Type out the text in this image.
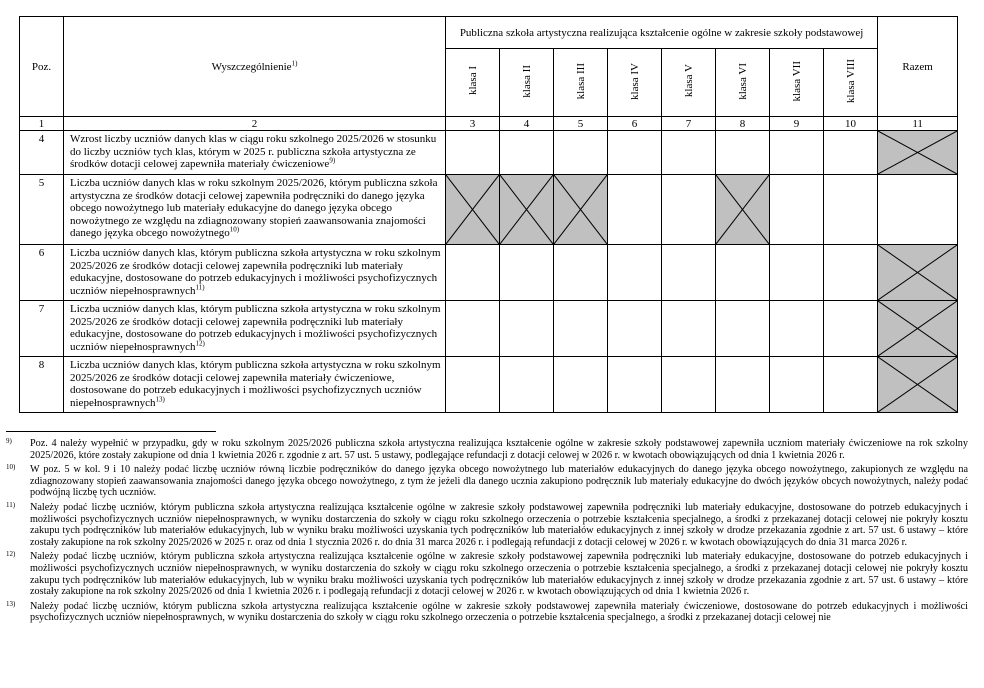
Poz.	Wyszczególnienie$^{1)}$	Publiczna szkoła artystyczna realizująca kształcenie ogólne w zakresie szkoły podstawowej								Razem
		klasa I	klasa II	klasa III	klasa IV	klasa V	klasa VI	klasa VII	klasa VIII	
1	2	3	4	5	6	7	8	9	10	11
4	Wzrost liczby uczniów danych klas w ciągu roku szkolnego 2025/2026 w stosunku do liczby uczniów tych klas, którym w 2025 r. publiczna szkoła artystyczna ze środków dotacji celowej zapewniła materiały ćwiczeniowe$^{9)}$									

5	Liczba uczniów danych klas w roku szkolnym 2025/2026, którym publiczna szkoła artystyczna ze środków dotacji celowej zapewniła podręczniki do danego języka obcego nowożytnego lub materiały edukacyjne do danego języka obcego nowożytnego ze względu na zdiagnozowany stopień zaawansowania znajomości danego języka obcego nowożytnego$^{10)}$	

6	Liczba uczniów danych klas, którym publiczna szkoła artystyczna w roku szkolnym 2025/2026 ze środków dotacji celowej zapewniła podręczniki lub materiały edukacyjne, dostosowane do potrzeb edukacyjnych i możliwości psychofizycznych uczniów niepełnosprawnych$^{11)}$									

7	Liczba uczniów danych klas, którym publiczna szkoła artystyczna w roku szkolnym 2025/2026 ze środków dotacji celowej zapewniła podręczniki lub materiały edukacyjne, dostosowane do potrzeb edukacyjnych i możliwości psychofizycznych uczniów niepełnosprawnych$^{12)}$									

8	Liczba uczniów danych klas, którym publiczna szkoła artystyczna w roku szkolnym 2025/2026 ze środków dotacji celowej zapewniła materiały ćwiczeniowe, dostosowane do potrzeb edukacyjnych i możliwości psychofizycznych uczniów niepełnosprawnych$^{13)}$									
9) Poz. 4 należy wypełnić w przypadku, gdy w roku szkolnym 2025/2026 publiczna szkoła artystyczna realizująca kształcenie ogólne w zakresie szkoły podstawowej zapewniła uczniom materiały ćwiczeniowe na rok szkolny 2025/2026, które zostały zakupione od dnia 1 kwietnia 2026 r. zgodnie z art. 57 ust. 5 ustawy, podlegające refundacji z dotacji celowej w 2026 r. w kwotach obowiązujących od dnia 1 kwietnia 2026 r.
10) W poz. 5 w kol. 9 i 10 należy podać liczbę uczniów równą liczbie podręczników do danego języka obcego nowożytnego lub materiałów edukacyjnych do danego języka obcego nowożytnego, zakupionych ze względu na zdiagnozowany stopień zaawansowania znajomości danego języka obcego nowożytnego, z tym że jeżeli dla danego ucznia zakupiono podręcznik lub materiały edukacyjne do dwóch języków obcych nowożytnych, należy podać podwójną liczbę tych uczniów.
11) Należy podać liczbę uczniów, którym publiczna szkoła artystyczna realizująca kształcenie ogólne w zakresie szkoły podstawowej zapewniła podręczniki lub materiały edukacyjne, dostosowane do potrzeb edukacyjnych i możliwości psychofizycznych uczniów niepełnosprawnych, w wyniku dostarczenia do szkoły w ciągu roku szkolnego orzeczenia o potrzebie kształcenia specjalnego, a środki z przekazanej dotacji celowej nie pokryły kosztu zakupu tych podręczników lub materiałów edukacyjnych, lub w wyniku braku możliwości uzyskania tych podręczników lub materiałów edukacyjnych z innej szkoły w drodze przekazania zgodnie z art. 57 ust. 6 ustawy – które zostały zakupione na rok szkolny 2025/2026 w 2025 r. oraz od dnia 1 stycznia 2026 r. do dnia 31 marca 2026 r. i podlegają refundacji z dotacji celowej w 2026 r. w kwotach obowiązujących do dnia 31 marca 2026 r.
12) Należy podać liczbę uczniów, którym publiczna szkoła artystyczna realizująca kształcenie ogólne w zakresie szkoły podstawowej zapewniła podręczniki lub materiały edukacyjne, dostosowane do potrzeb edukacyjnych i możliwości psychofizycznych uczniów niepełnosprawnych, w wyniku dostarczenia do szkoły w ciągu roku szkolnego orzeczenia o potrzebie kształcenia specjalnego, a środki z przekazanej dotacji celowej nie pokryły kosztu zakupu tych podręczników lub materiałów edukacyjnych, lub w wyniku braku możliwości uzyskania tych podręczników lub materiałów edukacyjnych z innej szkoły w drodze przekazania zgodnie z art. 57 ust. 6 ustawy – które zostały zakupione na rok szkolny 2025/2026 od dnia 1 kwietnia 2026 r. i podlegają refundacji z dotacji celowej w 2026 r. w kwotach obowiązujących od dnia 1 kwietnia 2026 r.
13) Należy podać liczbę uczniów, którym publiczna szkoła artystyczna realizująca kształcenie ogólne w zakresie szkoły podstawowej zapewniła materiały ćwiczeniowe, dostosowane do potrzeb edukacyjnych i możliwości psychofizycznych uczniów niepełnosprawnych, w wyniku dostarczenia do szkoły w ciągu roku szkolnego orzeczenia o potrzebie kształcenia specjalnego, a środki z przekazanej dotacji celowej nie
